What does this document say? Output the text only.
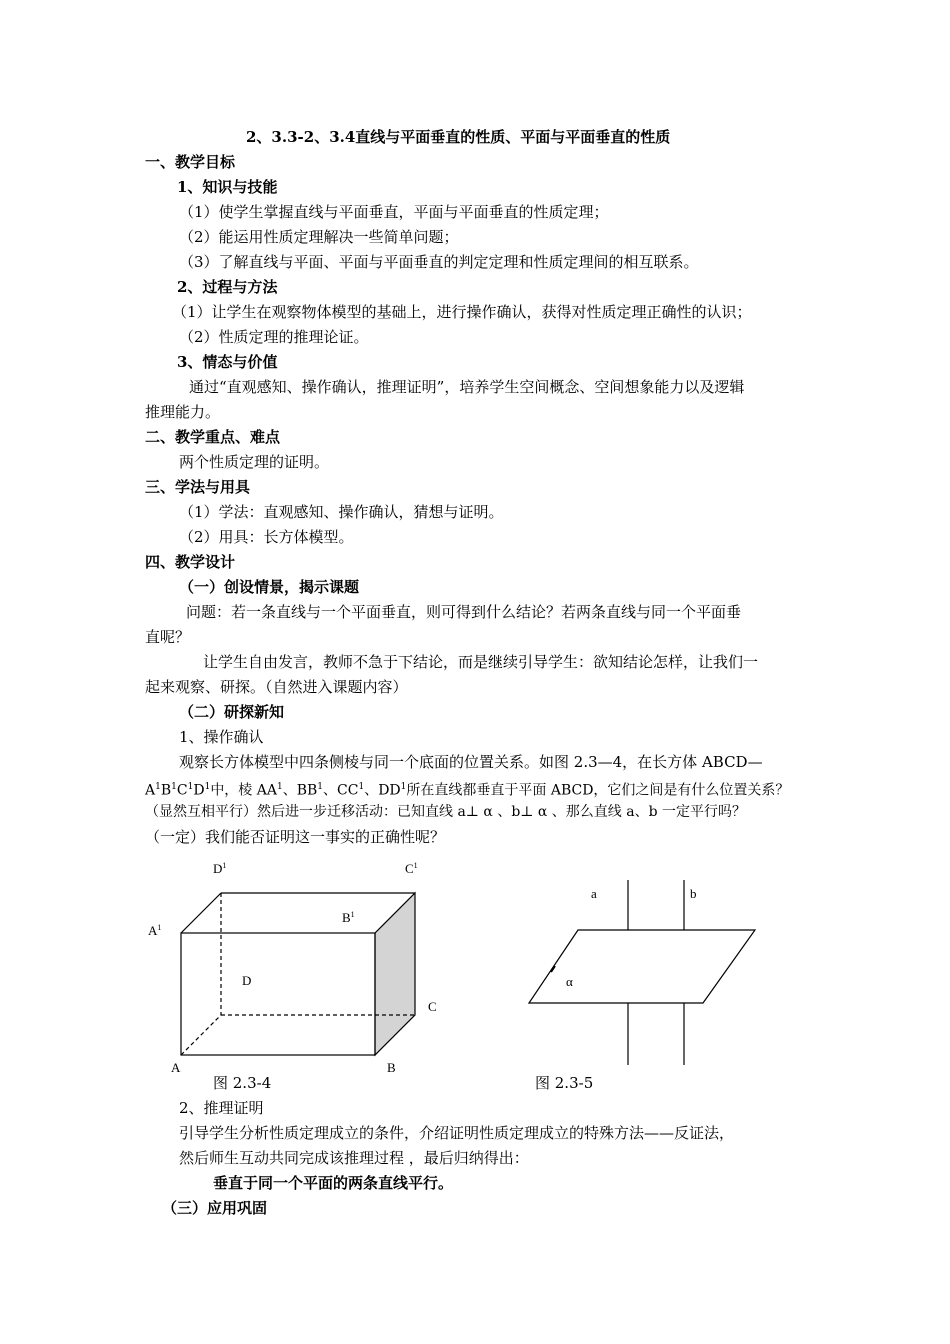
2、3.3-2、3.4直线与平面垂直的性质、平面与平面垂直的性质
一、教学目标
1、知识与技能
（1）使学生掌握直线与平面垂直，平面与平面垂直的性质定理；
（2）能运用性质定理解决一些简单问题；
（3）了解直线与平面、平面与平面垂直的判定定理和性质定理间的相互联系。
2、过程与方法
（1）让学生在观察物体模型的基础上，进行操作确认，获得对性质定理正确性的认识；
（2）性质定理的推理论证。
3、情态与价值
通过“直观感知、操作确认，推理证明”，培养学生空间概念、空间想象能力以及逻辑
推理能力。
二、教学重点、难点
两个性质定理的证明。
三、学法与用具
（1）学法：直观感知、操作确认，猜想与证明。
（2）用具：长方体模型。
四、教学设计
（一）创设情景，揭示课题
问题：若一条直线与一个平面垂直，则可得到什么结论？若两条直线与同一个平面垂
直呢？
让学生自由发言，教师不急于下结论，而是继续引导学生：欲知结论怎样，让我们一
起来观察、研探。（自然进入课题内容）
（二）研探新知
1、操作确认
观察长方体模型中四条侧棱与同一个底面的位置关系。如图 2.3—4，在长方体 ABCD—
$A^1B^1C^1D^1$中，棱 $AA^1$、$BB^1$、$CC^1$、$DD^1$所在直线都垂直于平面 ABCD，它们之间是有什么位置关系？
（显然互相平行）然后进一步迁移活动：已知直线 a⊥ α 、b⊥ α 、那么直线 a、b 一定平行吗？
（一定）我们能否证明这一事实的正确性呢？
$D^1$	$C^1$
$B^1$
$A^1$
D
C
A	B
a	b
α
图 2.3-4	图 2.3-5
2、推理证明
引导学生分析性质定理成立的条件，介绍证明性质定理成立的特殊方法——反证法，
然后师生互动共同完成该推理过程 ，最后归纳得出：
垂直于同一个平面的两条直线平行。
（三）应用巩固
